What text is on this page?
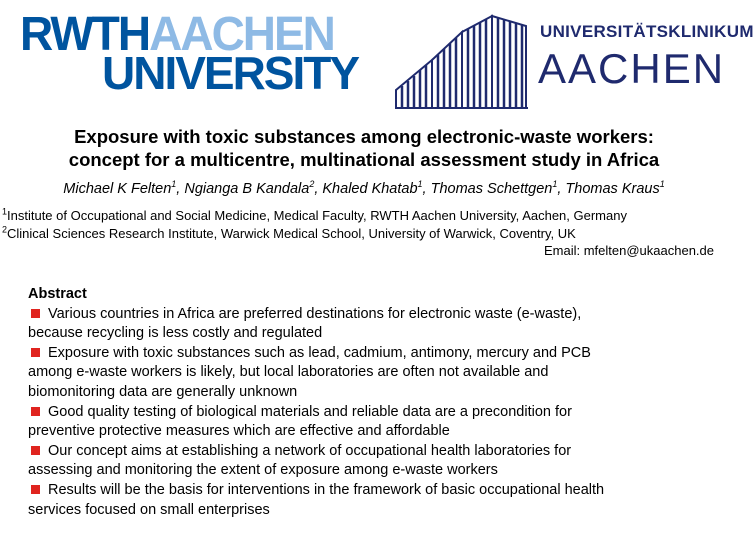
RWTHAACHEN
UNIVERSITY
UNIVERSITÄTSKLINIKUM
AACHEN
Exposure with toxic substances among electronic-waste workers:
concept for a multicentre, multinational assessment study in Africa
Michael K Felten$^1$, Ngianga B Kandala$^2$, Khaled Khatab$^1$, Thomas Schettgen$^1$, Thomas Kraus$^1$
$^1$Institute of Occupational and Social Medicine, Medical Faculty, RWTH Aachen University, Aachen, Germany
$^2$Clinical Sciences Research Institute, Warwick Medical School, University of Warwick, Coventry, UK
Email: mfelten@ukaachen.de
Abstract
Various countries in Africa are preferred destinations for electronic waste (e-waste),
because recycling is less costly and regulated
Exposure with toxic substances such as lead, cadmium, antimony, mercury and PCB
among e-waste workers is likely, but local laboratories are often not available and
biomonitoring data are generally unknown
Good quality testing of biological materials and reliable data are a precondition for
preventive protective measures which are effective and affordable
Our concept aims at establishing a network of occupational health laboratories for
assessing and monitoring the extent of exposure among e-waste workers
Results will be the basis for interventions in the framework of basic occupational health
services focused on small enterprises
